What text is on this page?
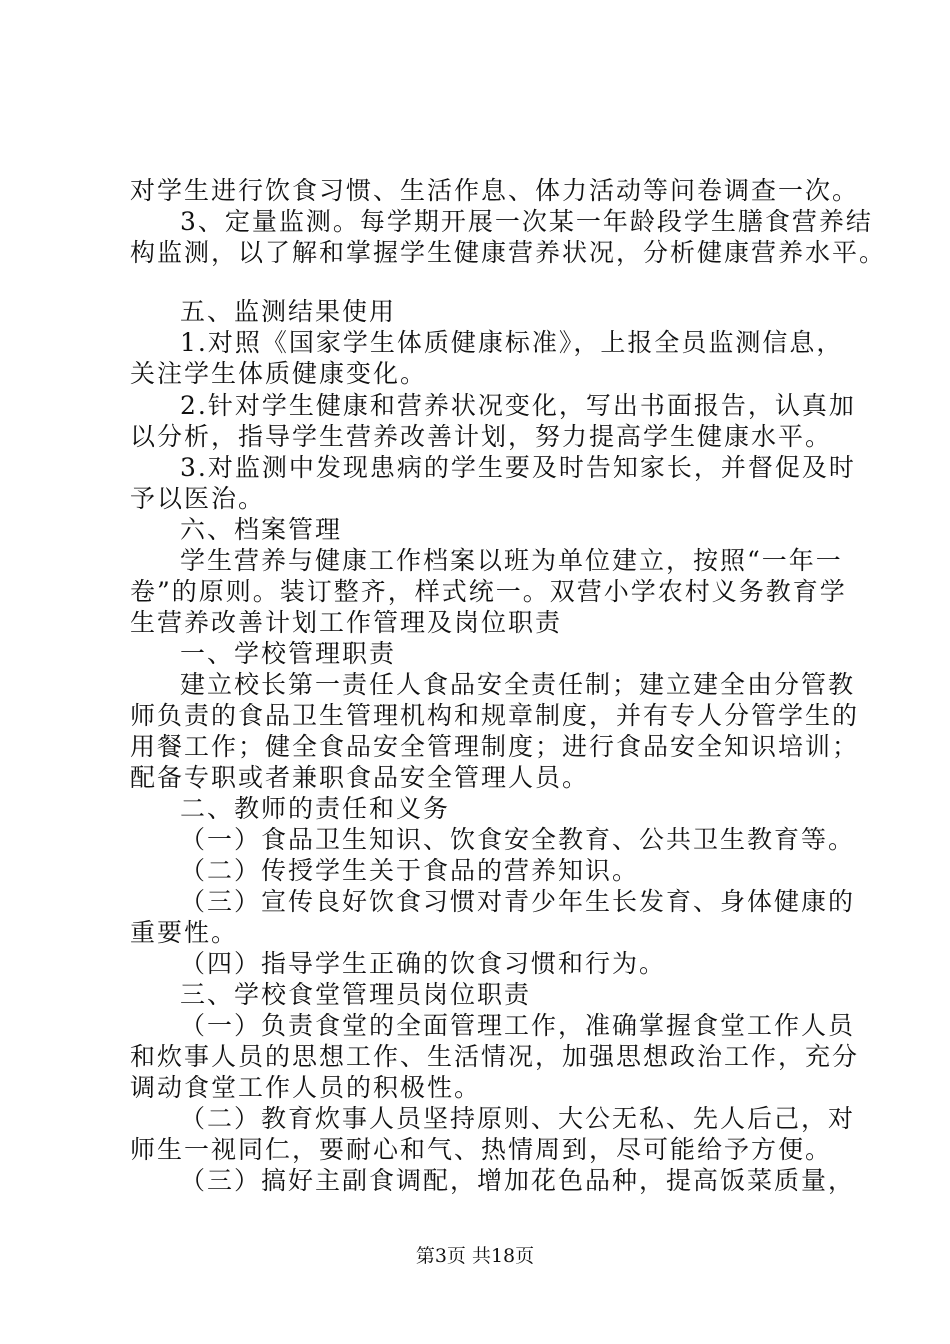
对学生进行饮食习惯、生活作息、体力活动等问卷调查一次。
3、定量监测。每学期开展一次某一年龄段学生膳食营养结
构监测，以了解和掌握学生健康营养状况，分析健康营养水平。
五、监测结果使用
1.对照《国家学生体质健康标准》，上报全员监测信息，
关注学生体质健康变化。
2.针对学生健康和营养状况变化，写出书面报告，认真加
以分析，指导学生营养改善计划，努力提高学生健康水平。
3.对监测中发现患病的学生要及时告知家长，并督促及时
予以医治。
六、档案管理
学生营养与健康工作档案以班为单位建立，按照“一年一
卷”的原则。装订整齐，样式统一。双营小学农村义务教育学
生营养改善计划工作管理及岗位职责
一、学校管理职责
建立校长第一责任人食品安全责任制；建立建全由分管教
师负责的食品卫生管理机构和规章制度，并有专人分管学生的
用餐工作；健全食品安全管理制度；进行食品安全知识培训；
配备专职或者兼职食品安全管理人员。
二、教师的责任和义务
（一）食品卫生知识、饮食安全教育、公共卫生教育等。
（二）传授学生关于食品的营养知识。
（三）宣传良好饮食习惯对青少年生长发育、身体健康的
重要性。
（四）指导学生正确的饮食习惯和行为。
三、学校食堂管理员岗位职责
（一）负责食堂的全面管理工作，准确掌握食堂工作人员
和炊事人员的思想工作、生活情况，加强思想政治工作，充分
调动食堂工作人员的积极性。
（二）教育炊事人员坚持原则、大公无私、先人后己，对
师生一视同仁，要耐心和气、热情周到，尽可能给予方便。
（三）搞好主副食调配，增加花色品种，提高饭菜质量，
第3页 共18页
